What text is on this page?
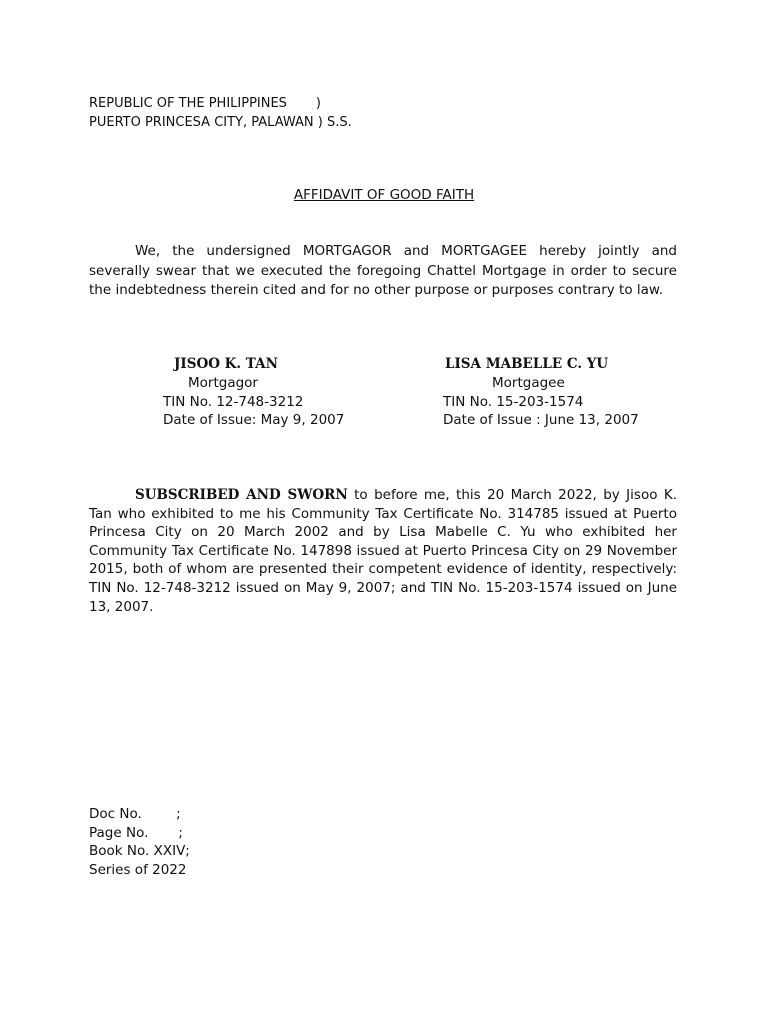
REPUBLIC OF THE PHILIPPINES       )
PUERTO PRINCESA CITY, PALAWAN ) S.S.
AFFIDAVIT OF GOOD FAITH

We, the undersigned MORTGAGOR and MORTGAGEE hereby jointly and severally swear that we executed the foregoing Chattel Mortgage in order to secure the indebtedness therein cited and for no other purpose or purposes contrary to law.

JISOO K. TAN
Mortgagor
TIN No. 12-748-3212
Date of Issue: May 9, 2007
LISA MABELLE C. YU
Mortgagee
TIN No. 15-203-1574
Date of Issue : June 13, 2007

SUBSCRIBED AND SWORN to before me, this 20 March 2022, by Jisoo K. Tan who exhibited to me his Community Tax Certificate No. 314785 issued at Puerto Princesa City on 20 March 2002 and by Lisa Mabelle C. Yu who exhibited her Community Tax Certificate No. 147898 issued at Puerto Princesa City on 29 November 2015, both of whom are presented their competent evidence of identity, respectively: TIN No. 12-748-3212 issued on May 9, 2007; and TIN No. 15-203-1574 issued on June 13, 2007.

Doc No.        ;
Page No.       ;
Book No. XXIV;
Series of 2022
